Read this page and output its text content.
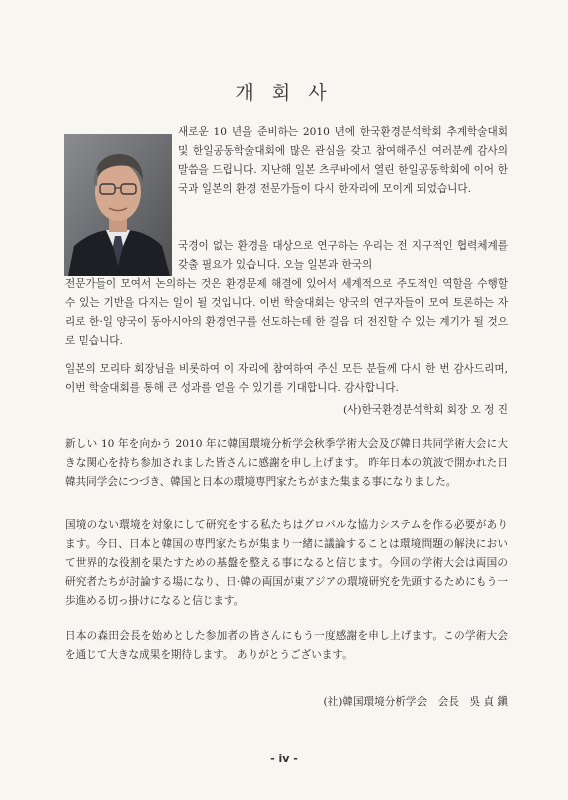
개 회 사
새로운 10 년을 준비하는 2010 년에 한국환경분석학회 추계학술대회 및 한일공동학술대회에 많은 관심을 갖고 참여해주신 여러분께 감사의 말씀을 드립니다. 지난해 일본 츠쿠바에서 열린 한일공동학회에 이어 한국과 일본의 환경 전문가들이 다시 한자리에 모이게 되었습니다.
국경이 없는 환경을 대상으로 연구하는 우리는 전 지구적인 협력체계를 갖출 필요가 있습니다. 오늘 일본과 한국의
전문가들이 모여서 논의하는 것은 환경문제 해결에 있어서 세계적으로 주도적인 역할을 수행할 수 있는 기반을 다지는 일이 될 것입니다. 이번 학술대회는 양국의 연구자들이 모여 토론하는 자리로 한·일 양국이 동아시아의 환경연구를 선도하는데 한 걸음 더 전진할 수 있는 계기가 될 것으로 믿습니다.
일본의 모리타 회장님을 비롯하여 이 자리에 참여하여 주신 모든 분들께 다시 한 번 감사드리며, 이번 학술대회를 통해 큰 성과를 얻을 수 있기를 기대합니다. 감사합니다.
(사)한국환경분석학회 회장 오 정 진
新しい 10 年を向かう 2010 年に韓国環境分析学会秋季学術大会及び韓日共同学術大会に大きな関心を持ち参加されました皆さんに感謝を申し上げます。 昨年日本の筑波で開かれた日韓共同学会につづき、韓国と日本の環境専門家たちがまた集まる事になりました。
国境のない環境を対象にして研究をする私たちはグロバルな協力システムを作る必要があります。今日、日本と韓国の専門家たちが集まり一緒に議論することは環境問題の解決において世界的な役割を果たすための基盤を整える事になると信じます。今回の学術大会は両国の研究者たちが討論する場になり、日·韓の両国が東アジアの環境研究を先頭するためにもう一歩進める切っ掛けになると信じます。
日本の森田会長を始めとした参加者の皆さんにもう一度感謝を申し上げます。この学術大会を通じて大きな成果を期待します。 ありがとうございます。
(社)韓国環境分析学会　会長　吳 貞 鎭
- iv -
